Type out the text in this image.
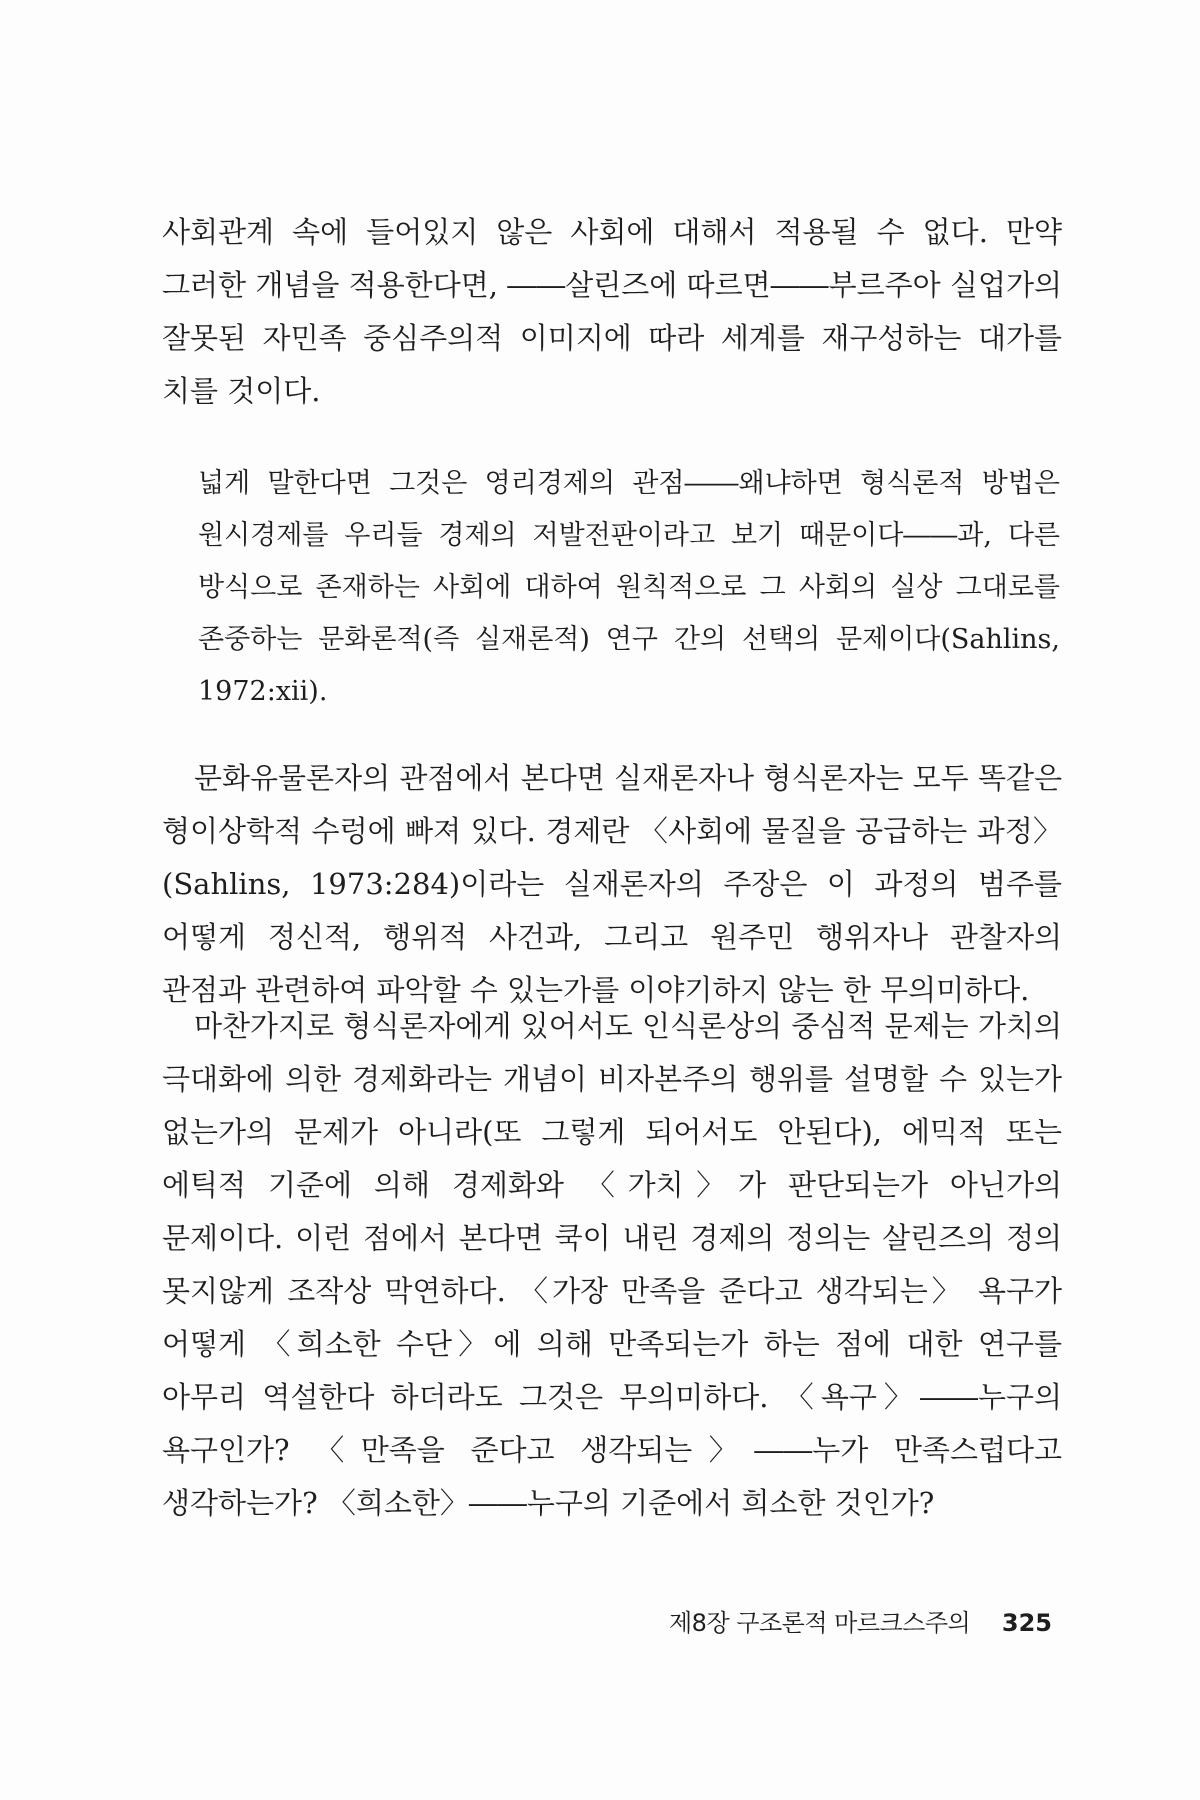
사회관계 속에 들어있지 않은 사회에 대해서 적용될 수 없다. 만약 그러한 개념을 적용한다면, ――살린즈에 따르면――부르주아 실업가의 잘못된 자민족 중심주의적 이미지에 따라 세계를 재구성하는 대가를 치를 것이다.

넓게 말한다면 그것은 영리경제의 관점――왜냐하면 형식론적 방법은 원시경제를 우리들 경제의 저발전판이라고 보기 때문이다――과, 다른 방식으로 존재하는 사회에 대하여 원칙적으로 그 사회의 실상 그대로를 존중하는 문화론적(즉 실재론적) 연구 간의 선택의 문제이다(Sahlins, 1972:xii).

문화유물론자의 관점에서 본다면 실재론자나 형식론자는 모두 똑같은 형이상학적 수렁에 빠져 있다. 경제란 〈사회에 물질을 공급하는 과정〉(Sahlins, 1973:284)이라는 실재론자의 주장은 이 과정의 범주를 어떻게 정신적, 행위적 사건과, 그리고 원주민 행위자나 관찰자의 관점과 관련하여 파악할 수 있는가를 이야기하지 않는 한 무의미하다.

마찬가지로 형식론자에게 있어서도 인식론상의 중심적 문제는 가치의 극대화에 의한 경제화라는 개념이 비자본주의 행위를 설명할 수 있는가 없는가의 문제가 아니라(또 그렇게 되어서도 안된다), 에믹적 또는 에틱적 기준에 의해 경제화와 〈가치〉가 판단되는가 아닌가의 문제이다. 이런 점에서 본다면 쿡이 내린 경제의 정의는 살린즈의 정의 못지않게 조작상 막연하다. 〈가장 만족을 준다고 생각되는〉 욕구가 어떻게 〈희소한 수단〉에 의해 만족되는가 하는 점에 대한 연구를 아무리 역설한다 하더라도 그것은 무의미하다. 〈욕구〉――누구의 욕구인가? 〈만족을 준다고 생각되는〉――누가 만족스럽다고 생각하는가? 〈희소한〉――누구의 기준에서 희소한 것인가?

제8장 구조론적 마르크스주의 325
